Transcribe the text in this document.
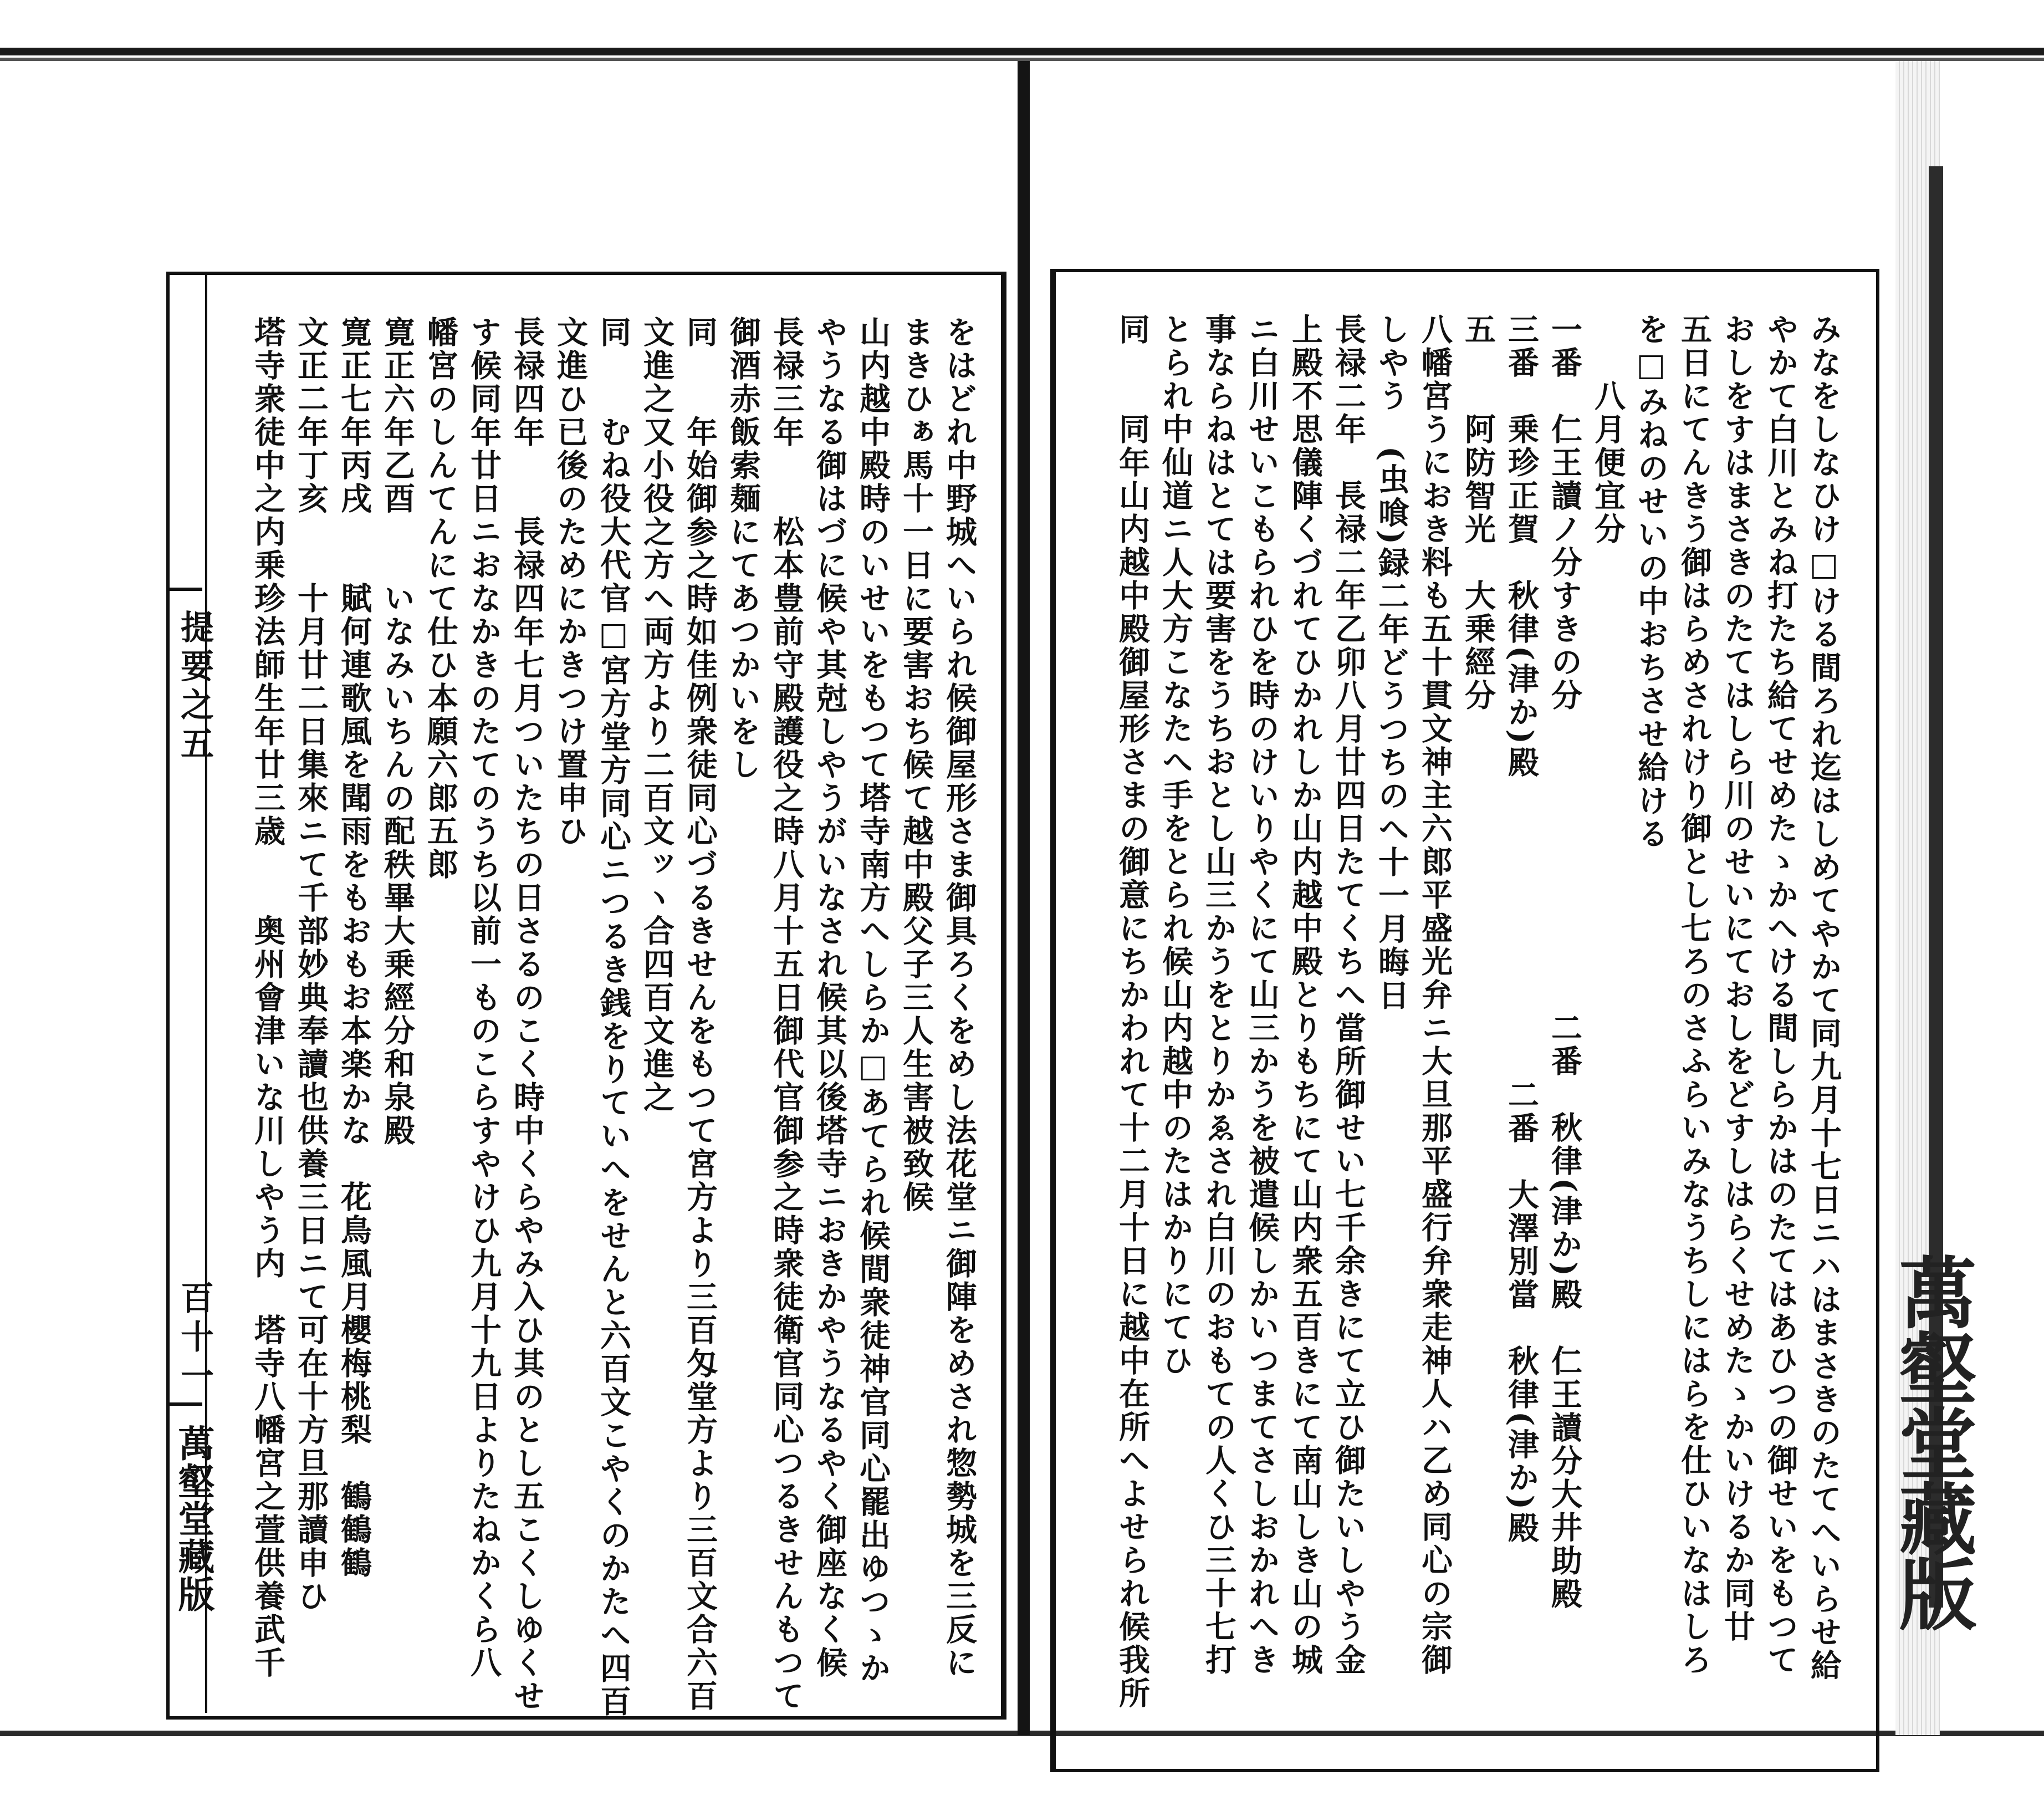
提要之五
百十一
萬壑堂藏版	をはどれ中野城へいられ候御屋形さま御具ろくをめし法花堂ニ御陣をめされ惣勢城を三反に
まきひぁ馬十一日に要害おち候て越中殿父子三人生害被致候
山内越中殿時のいせいをもつて塔寺南方へしらか□あてられ候間衆徒神官同心罷出ゆつゝか
やうなる御はづに候や其尅しやうがいなされ候其以後塔寺ニおきかやうなるやく御座なく候
長禄三年　　松本豊前守殿護役之時八月十五日御代官御参之時衆徒衛官同心つるきせんもつて
御酒赤飯索麺にてあつかいをし
同　　年始御参之時如佳例衆徒同心づるきせんをもつて宮方より三百匁堂方より三百文合六百
文進之又小役之方へ両方より二百文ッヽ合四百文進之
同　　むね役大代官□宮方堂方同心ニつるき銭をりていへをせんと六百文こやくのかたへ四百
文進ひ已後のためにかきつけ置申ひ
長禄四年　　長禄四年七月ついたちの日さるのこく時中くらやみ入ひ其のとし五こくしゆくせ
す候同年廿日ニおなかきのたてのうち以前一ものこらすやけひ九月十九日よりたねかくら八
幡宮のしんてんにて仕ひ本願六郎五郎
寛正六年乙酉　　いなみいちんの配秩畢大乗經分和泉殿
寛正七年丙戌　　賦何連歌風を聞雨をもおもお本楽かな　花鳥風月櫻梅桃梨　鶴鶴鶴
文正二年丁亥　　十月廿二日集來ニて千部妙典奉讀也供養三日ニて可在十方旦那讀申ひ
塔寺衆徒中之内乗珍法師生年廿三歳　　奥州會津いな川しやう内　塔寺八幡宮之萱供養武千	みなをしなひけ□ける間ろれ迄はしめてやかて同九月十七日ニハはまさきのたてへいらせ給
やかて白川とみね打たち給てせめたゝかへける間しらかはのたてはあひつの御せいをもつて
おしをすはまさきのたてはしら川のせいにておしをどすしはらくせめたゝかいけるか同廿
五日にてんきう御はらめされけり御とし七ろのさふらいみなうちしにはらを仕ひいなはしろ
を□みねのせいの中おちさせ給ける
　　八月便宜分
一番　仁王讀ノ分すきの分　　　　　　　　　二番　秋律(津か)殿　仁王讀分大井助殿
三番　乗珍正賀　秋律(津か)殿　　　　　　　　　二番　大澤別當　秋律(津か)殿
五　　阿防智光　大乗經分
八幡宮うにおき料も五十貫文神主六郎平盛光弁ニ大旦那平盛行弁衆走神人ハ乙め同心の宗御
しやう　(虫喰)録二年どうつちのへ十一月晦日
長禄二年　長禄二年乙卯八月廿四日たてくちへ當所御せい七千余きにて立ひ御たいしやう金
上殿不思儀陣くづれてひかれしか山内越中殿とりもちにて山内衆五百きにて南山しき山の城
ニ白川せいこもられひを時のけいりやくにて山三かうを被遣候しかいつまてさしおかれへき
事ならねはとては要害をうちおとし山三かうをとりかゑされ白川のおもての人くひ三十七打
とられ中仙道ニ人大方こなたへ手をとられ候山内越中のたはかりにてひ
同　　同年山内越中殿御屋形さまの御意にちかわれて十二月十日に越中在所へよせられ候我所	萬壑堂藏版
